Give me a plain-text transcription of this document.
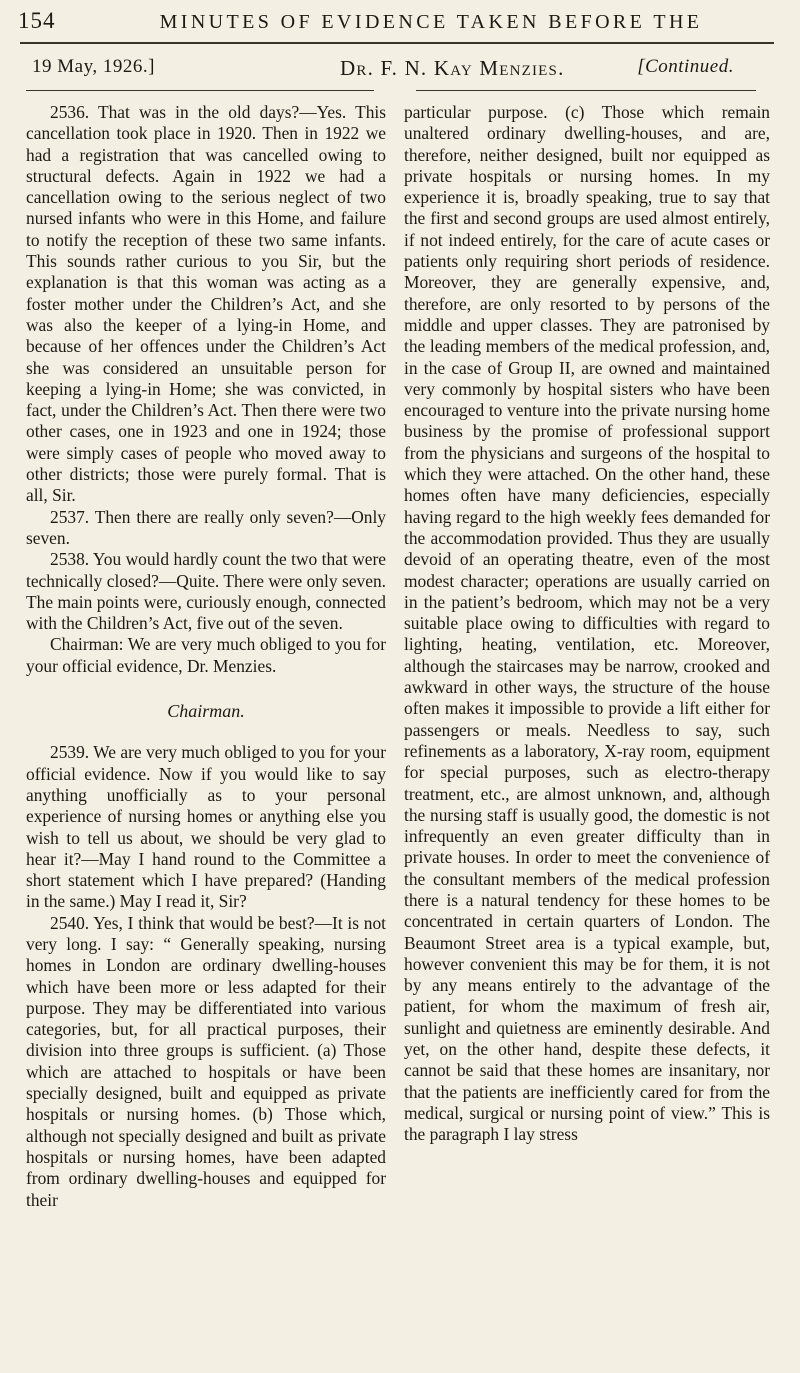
154	MINUTES OF EVIDENCE TAKEN BEFORE THE
19 May, 1926.]	Dr. F. N. Kay Menzies.	[Continued.

2536. That was in the old days?—Yes. This cancellation took place in 1920. Then in 1922 we had a registration that was cancelled owing to structural defects. Again in 1922 we had a cancellation owing to the serious neglect of two nursed infants who were in this Home, and failure to notify the reception of these two same infants. This sounds rather curious to you Sir, but the explanation is that this woman was acting as a foster mother under the Children’s Act, and she was also the keeper of a lying-in Home, and because of her offences under the Children’s Act she was considered an unsuitable person for keeping a lying-in Home; she was convicted, in fact, under the Children’s Act. Then there were two other cases, one in 1923 and one in 1924; those were simply cases of people who moved away to other districts; those were purely formal. That is all, Sir.

2537. Then there are really only seven?—Only seven.

2538. You would hardly count the two that were technically closed?—Quite. There were only seven. The main points were, curiously enough, connected with the Children’s Act, five out of the seven.

Chairman: We are very much obliged to you for your official evidence, Dr. Menzies.

Chairman.

2539. We are very much obliged to you for your official evidence. Now if you would like to say anything unofficially as to your personal experience of nursing homes or anything else you wish to tell us about, we should be very glad to hear it?—May I hand round to the Committee a short statement which I have prepared? (Handing in the same.) May I read it, Sir?

2540. Yes, I think that would be best?—It is not very long. I say: “ Generally speaking, nursing homes in London are ordinary dwelling-houses which have been more or less adapted for their purpose. They may be differentiated into various categories, but, for all practical purposes, their division into three groups is sufficient. (a) Those which are attached to hospitals or have been specially designed, built and equipped as private hospitals or nursing homes. (b) Those which, although not specially designed and built as private hospitals or nursing homes, have been adapted from ordinary dwelling-houses and equipped for their

particular purpose. (c) Those which remain unaltered ordinary dwelling-houses, and are, therefore, neither designed, built nor equipped as private hospitals or nursing homes. In my experience it is, broadly speaking, true to say that the first and second groups are used almost entirely, if not indeed entirely, for the care of acute cases or patients only requiring short periods of residence. Moreover, they are generally expensive, and, therefore, are only resorted to by persons of the middle and upper classes. They are patronised by the leading members of the medical profession, and, in the case of Group II, are owned and maintained very commonly by hospital sisters who have been encouraged to venture into the private nursing home business by the promise of professional support from the physicians and surgeons of the hospital to which they were attached. On the other hand, these homes often have many deficiencies, especially having regard to the high weekly fees demanded for the accommodation provided. Thus they are usually devoid of an operating theatre, even of the most modest character; operations are usually carried on in the patient’s bedroom, which may not be a very suitable place owing to difficulties with regard to lighting, heating, ventilation, etc. Moreover, although the staircases may be narrow, crooked and awkward in other ways, the structure of the house often makes it impossible to provide a lift either for passengers or meals. Needless to say, such refinements as a laboratory, X-ray room, equipment for special purposes, such as electro-therapy treatment, etc., are almost unknown, and, although the nursing staff is usually good, the domestic is not infrequently an even greater difficulty than in private houses. In order to meet the convenience of the consultant members of the medical profession there is a natural tendency for these homes to be concentrated in certain quarters of London. The Beaumont Street area is a typical example, but, however convenient this may be for them, it is not by any means entirely to the advantage of the patient, for whom the maximum of fresh air, sunlight and quietness are eminently desirable. And yet, on the other hand, despite these defects, it cannot be said that these homes are insanitary, nor that the patients are inefficiently cared for from the medical, surgical or nursing point of view.” This is the paragraph I lay stress
